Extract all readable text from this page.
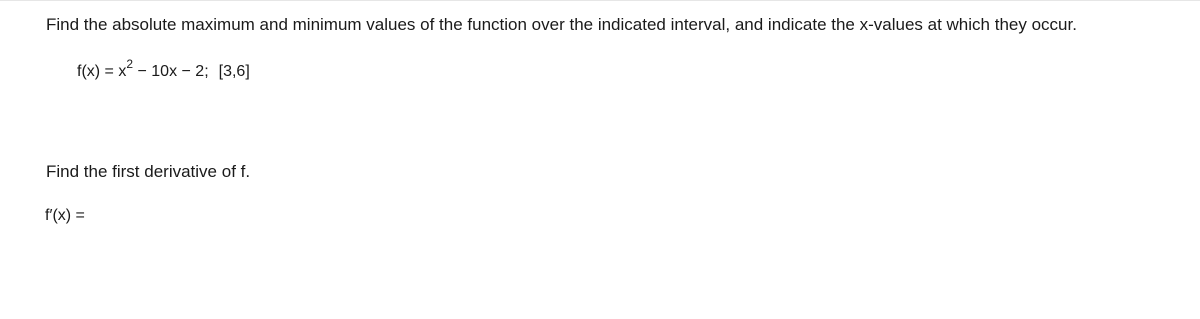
Find the absolute maximum and minimum values of the function over the indicated interval, and indicate the x-values at which they occur.
$f(x) = x^2 - 10x - 2$; [3,6]
Find the first derivative of f.
f′(x) =
